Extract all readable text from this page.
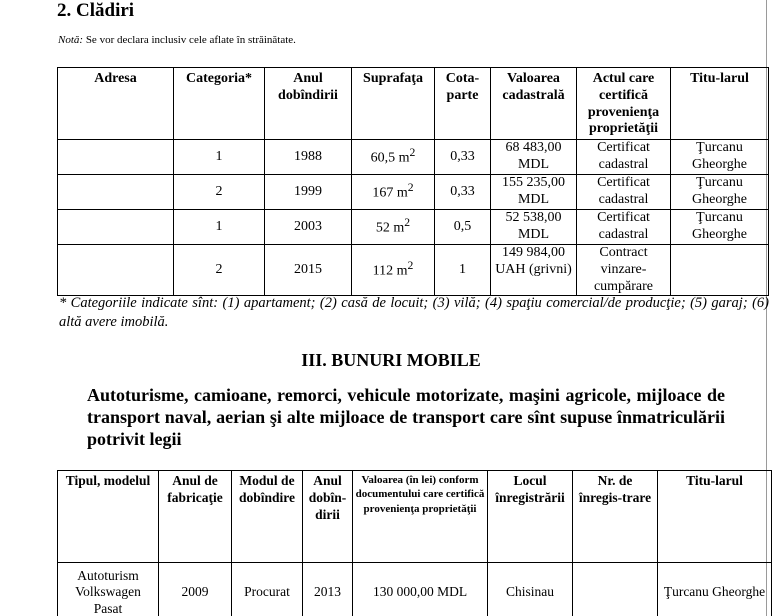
2. Clădiri
Notă: Se vor declara inclusiv cele aflate în străinătate.
Adresa	Categoria*	Anul dobîndirii	Suprafaţa	Cota-parte	Valoarea cadastrală	Actul care certifică provenienţa proprietăţii	Titu-larul
	1	1988	60,5 $m^2$	0,33	68 483,00 MDL	Certificat cadastral	Ţurcanu Gheorghe
	2	1999	167 $m^2$	0,33	155 235,00 MDL	Certificat cadastral	Ţurcanu Gheorghe
	1	2003	52 $m^2$	0,5	52 538,00 MDL	Certificat cadastral	Ţurcanu Gheorghe
	2	2015	112 $m^2$	1	149 984,00 UAH (grivni)	Contract vinzare-cumpărare	
* Categoriile indicate sînt: (1) apartament; (2) casă de locuit; (3) vilă; (4) spaţiu comercial/de producţie; (5) garaj; (6) altă avere imobilă.
III. BUNURI MOBILE
Autoturisme, camioane, remorci, vehicule motorizate, maşini agricole, mijloace de transport naval, aerian şi alte mijloace de transport care sînt supuse înmatriculării potrivit legii
Tipul, modelul	Anul de fabricaţie	Modul de dobîndire	Anul dobîn-dirii	Valoarea (în lei) conform documentului care certifică provenienţa proprietăţii	Locul înregistrării	Nr. de înregis-trare	Titu-larul
Autoturism Volkswagen Pasat	2009	Procurat	2013	130 000,00 MDL	Chisinau		Ţurcanu Gheorghe
